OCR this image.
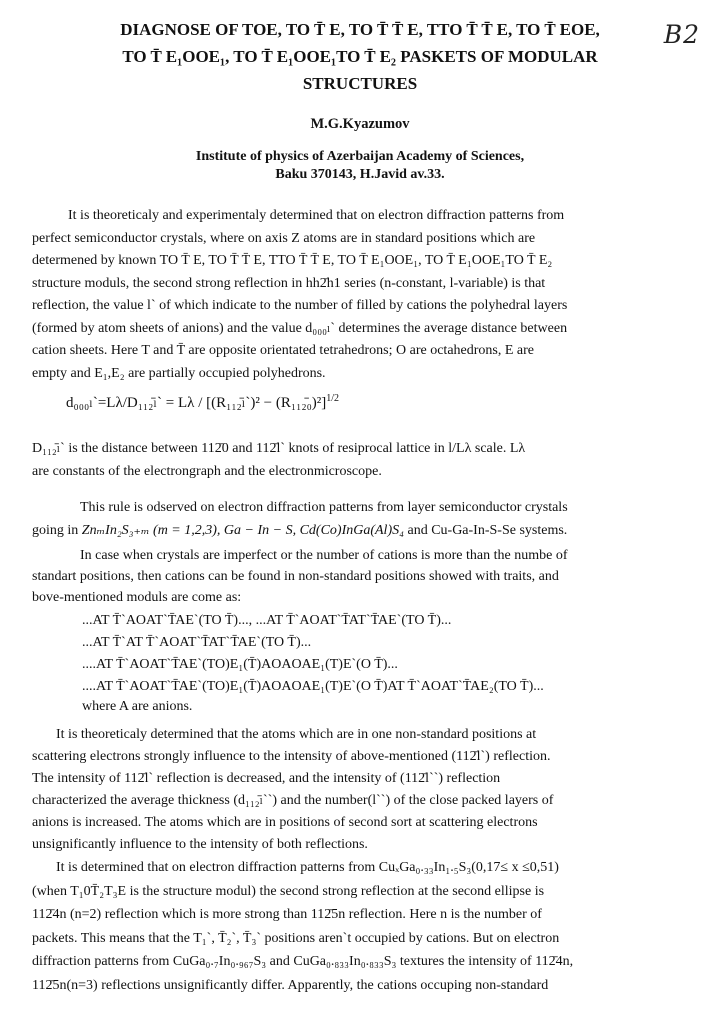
B2
DIAGNOSE OF TOE, TO T̄ E, TO T̄ T̄ E, TTO T̄ T̄ E, TO T̄ EOE,
TO T̄ E₁OOE₁, TO T̄ E₁OOE₁TO T̄ E₂ PASKETS OF MODULAR
STRUCTURES
M.G.Kyazumov
Institute of physics of Azerbaijan Academy of Sciences,
Baku 370143, H.Javid av.33.
It is theoreticaly and experimentaly determined that on electron diffraction patterns from
perfect semiconductor crystals, where on axis Z atoms are in standard positions which are
determened by known TO T̄ E, TO T̄ T̄ E, TTO T̄ T̄ E, TO T̄ E₁OOE₁, TO T̄ E₁OOE₁TO T̄ E₂
structure moduls, the second strong reflection in hh2̄h1 series (n-constant, l-variable) is that
reflection, the value l` of which indicate to the number of filled by cations the polyhedral layers
(formed by atom sheets of anions) and the value d₀₀₀ₗ` determines the average distance between
cation sheets. Here T and T̄ are opposite orientated tetrahedrons; O are octahedrons, E are
empty and E₁,E₂ are partially occupied polyhedrons.
d₀₀₀ₗ`=Lλ/D₁₁₂̄ₗ` = Lλ / [(R₁₁₂̄ₗ`)² − (R₁₁₂̄₀)²]$^{1/2}$
D₁₁₂̄ₗ` is the distance between 112̄0 and 112̄l` knots of resiprocal lattice in l/Lλ scale. Lλ
are constants of the electrongraph and the electronmicroscope.
This rule is odserved on electron diffraction patterns from layer semiconductor crystals
going in ZnₘIn₂S₃₊ₘ (m = 1,2,3), Ga − In − S, Cd(Co)InGa(Al)S₄ and Cu-Ga-In-S-Se systems.
In case when crystals are imperfect or the number of cations is more than the numbe of
standart positions, then cations can be found in non-standard positions showed with traits, and
bove-mentioned moduls are come as:
...AT T̄`AOAT`T̄AE`(TO T̄)..., ...AT T̄`AOAT`T̄AT`T̄AE`(TO T̄)...
...AT T̄`AT T̄`AOAT`T̄AT`T̄AE`(TO T̄)...
....AT T̄`AOAT`T̄AE`(TO)E₁(T̄)AOAOAE₁(T)E`(O T̄)...
....AT T̄`AOAT`T̄AE`(TO)E₁(T̄)AOAOAE₁(T)E`(O T̄)AT T̄`AOAT`T̄AE₂(TO T̄)...
where A are anions.
It is theoreticaly determined that the atoms which are in one non-standard positions at
scattering electrons strongly influence to the intensity of above-mentioned (112̄l`) reflection.
The intensity of 112̄l` reflection is decreased, and the intensity of (112̄l``) reflection
characterized the average thickness (d₁₁₂̄ₗ``) and the number(l``) of the close packed layers of
anions is increased. The atoms which are in positions of second sort at scattering electrons
unsignificantly influence to the intensity of both reflections.
It is determined that on electron diffraction patterns from CuₓGa₀.₃₃In₁.₅S₃(0,17≤ x ≤0,51)
(when T₁0T̄₂T₃E is the structure modul) the second strong reflection at the second ellipse is
112̄4n (n=2) reflection which is more strong than 112̄5n reflection. Here n is the number of
packets. This means that the T₁`, T̄₂`, T̄₃` positions aren`t occupied by cations. But on electron
diffraction patterns from CuGa₀.₇In₀.₉₆₇S₃ and CuGa₀.₈₃₃In₀.₈₃₃S₃ textures the intensity of 112̄4n,
112̄5n(n=3) reflections unsignificantly differ. Apparently, the cations occuping non-standard
